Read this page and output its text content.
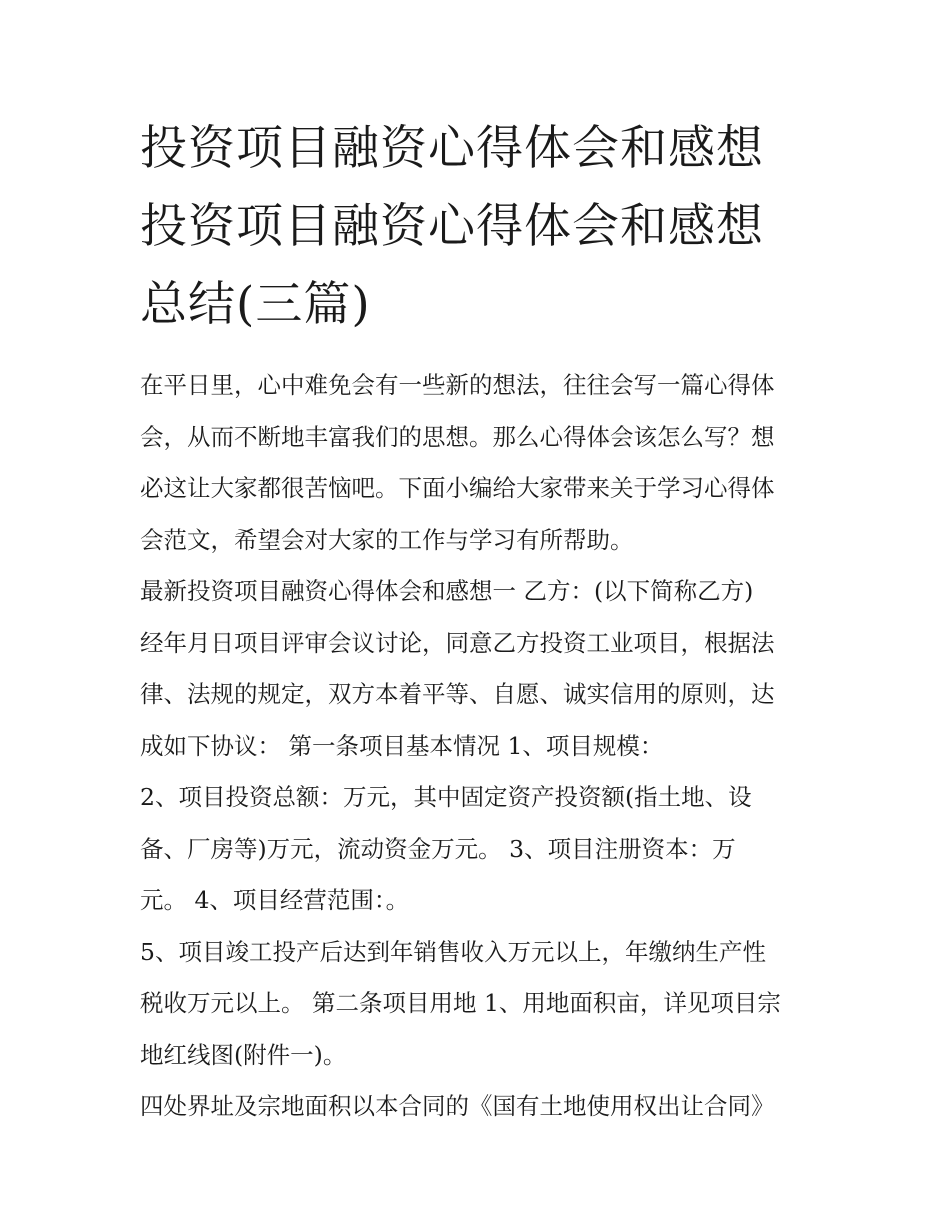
投资项目融资心得体会和感想
投资项目融资心得体会和感想
总结(三篇)

在平日里，心中难免会有一些新的想法，往往会写一篇心得体
会，从而不断地丰富我们的思想。那么心得体会该怎么写？想
必这让大家都很苦恼吧。下面小编给大家带来关于学习心得体
会范文，希望会对大家的工作与学习有所帮助。

最新投资项目融资心得体会和感想一 乙方：(以下简称乙方)
经年月日项目评审会议讨论，同意乙方投资工业项目，根据法
律、法规的规定，双方本着平等、自愿、诚实信用的原则，达
成如下协议： 第一条项目基本情况 1、项目规模：

2、项目投资总额：万元，其中固定资产投资额(指土地、设
备、厂房等)万元，流动资金万元。 3、项目注册资本：万
元。 4、项目经营范围：。

5、项目竣工投产后达到年销售收入万元以上，年缴纳生产性
税收万元以上。 第二条项目用地 1、用地面积亩，详见项目宗
地红线图(附件一)。

四处界址及宗地面积以本合同的《国有土地使用权出让合同》
